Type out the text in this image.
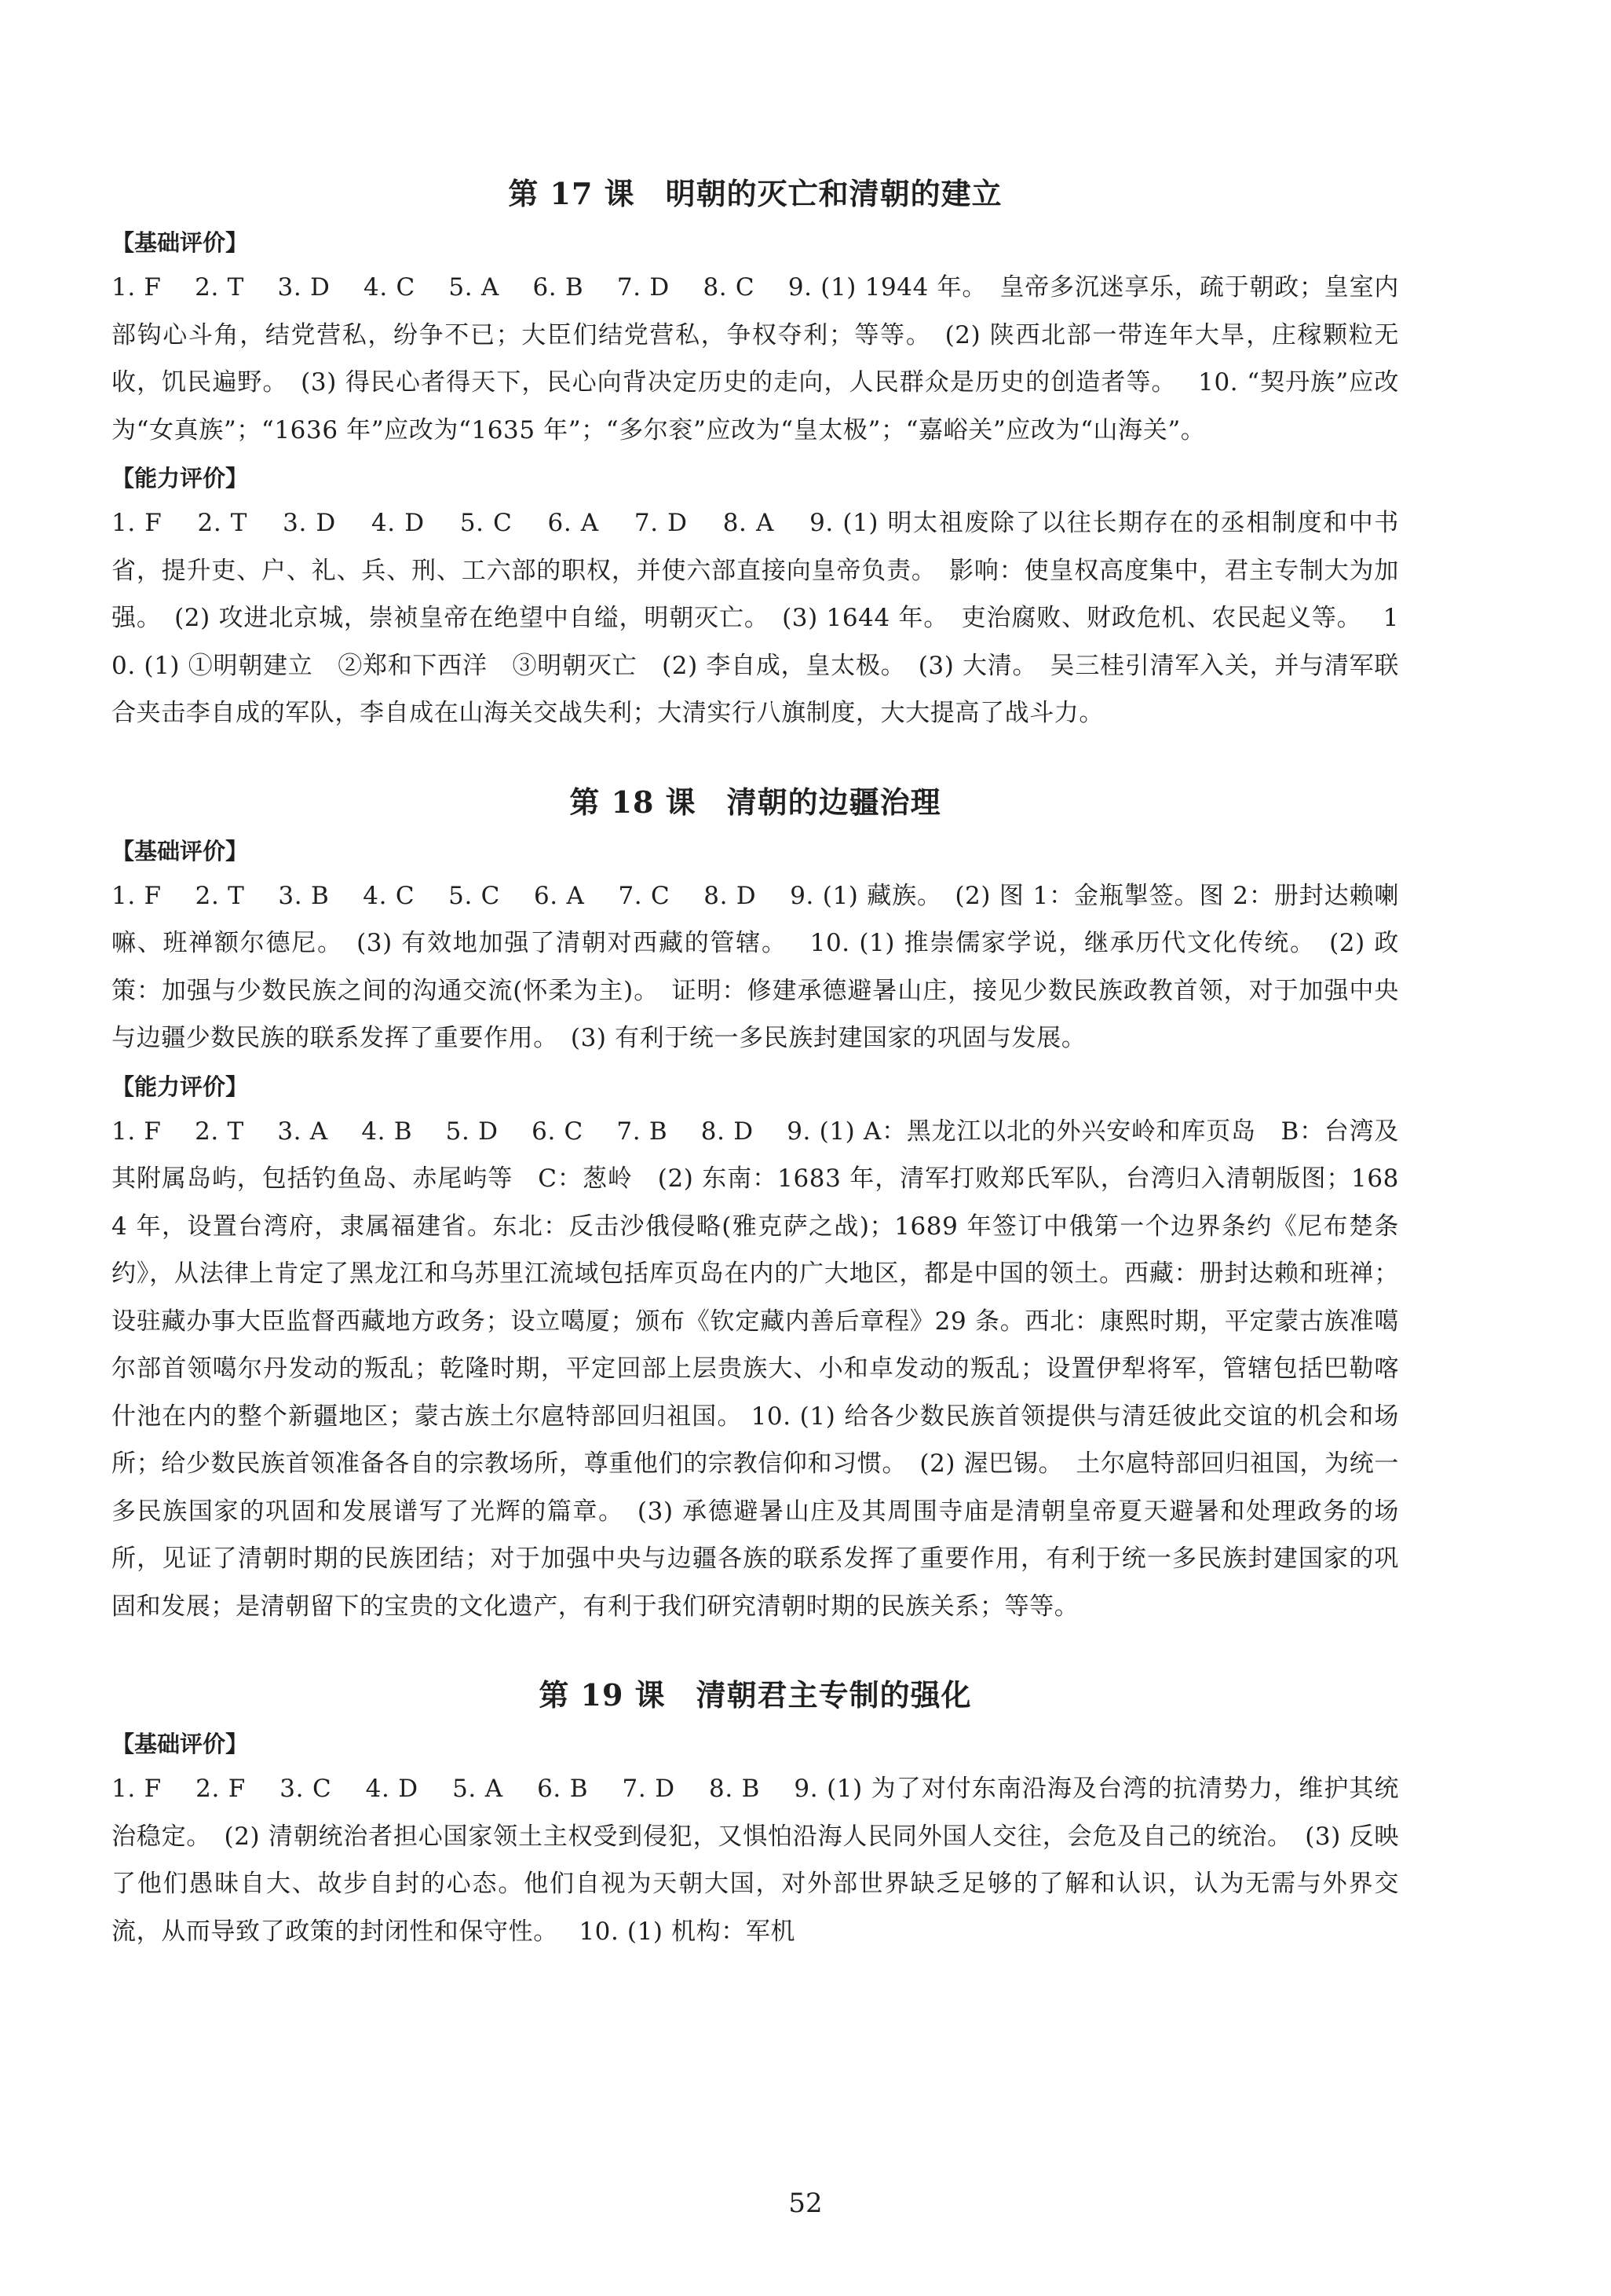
第 17 课　明朝的灭亡和清朝的建立
【基础评价】

1. F　 2. T　 3. D　 4. C　 5. A　 6. B　 7. D　 8. C　 9. (1) 1944 年。　皇帝多沉迷享乐，疏于朝政；皇室内部钩心斗角，结党营私，纷争不已；大臣们结党营私，争权夺利；等等。　(2) 陕西北部一带连年大旱，庄稼颗粒无收，饥民遍野。　(3) 得民心者得天下，民心向背决定历史的走向，人民群众是历史的创造者等。　 10. “契丹族”应改为“女真族”；“1636 年”应改为“1635 年”；“多尔衮”应改为“皇太极”；“嘉峪关”应改为“山海关”。

【能力评价】

1. F　 2. T　 3. D　 4. D　 5. C　 6. A　 7. D　 8. A　 9. (1) 明太祖废除了以往长期存在的丞相制度和中书省，提升吏、户、礼、兵、刑、工六部的职权，并使六部直接向皇帝负责。　影响：使皇权高度集中，君主专制大为加强。　(2) 攻进北京城，崇祯皇帝在绝望中自缢，明朝灭亡。　(3) 1644 年。　吏治腐败、财政危机、农民起义等。　 10. (1) ①明朝建立　②郑和下西洋　③明朝灭亡　(2) 李自成，皇太极。　(3) 大清。　吴三桂引清军入关，并与清军联合夹击李自成的军队，李自成在山海关交战失利；大清实行八旗制度，大大提高了战斗力。

第 18 课　清朝的边疆治理
【基础评价】

1. F　 2. T　 3. B　 4. C　 5. C　 6. A　 7. C　 8. D　 9. (1) 藏族。　(2) 图 1：金瓶掣签。图 2：册封达赖喇嘛、班禅额尔德尼。　(3) 有效地加强了清朝对西藏的管辖。　 10. (1) 推崇儒家学说，继承历代文化传统。　(2) 政策：加强与少数民族之间的沟通交流(怀柔为主)。　证明：修建承德避暑山庄，接见少数民族政教首领，对于加强中央与边疆少数民族的联系发挥了重要作用。　(3) 有利于统一多民族封建国家的巩固与发展。

【能力评价】

1. F　 2. T　 3. A　 4. B　 5. D　 6. C　 7. B　 8. D　 9. (1) A：黑龙江以北的外兴安岭和库页岛　B：台湾及其附属岛屿，包括钓鱼岛、赤尾屿等　C：葱岭　(2) 东南：1683 年，清军打败郑氏军队，台湾归入清朝版图；1684 年，设置台湾府，隶属福建省。东北：反击沙俄侵略(雅克萨之战)；1689 年签订中俄第一个边界条约《尼布楚条约》，从法律上肯定了黑龙江和乌苏里江流域包括库页岛在内的广大地区，都是中国的领土。西藏：册封达赖和班禅；设驻藏办事大臣监督西藏地方政务；设立噶厦；颁布《钦定藏内善后章程》29 条。西北：康熙时期，平定蒙古族准噶尔部首领噶尔丹发动的叛乱；乾隆时期，平定回部上层贵族大、小和卓发动的叛乱；设置伊犁将军，管辖包括巴勒喀什池在内的整个新疆地区；蒙古族土尔扈特部回归祖国。 10. (1) 给各少数民族首领提供与清廷彼此交谊的机会和场所；给少数民族首领准备各自的宗教场所，尊重他们的宗教信仰和习惯。　(2) 渥巴锡。　土尔扈特部回归祖国，为统一多民族国家的巩固和发展谱写了光辉的篇章。　(3) 承德避暑山庄及其周围寺庙是清朝皇帝夏天避暑和处理政务的场所，见证了清朝时期的民族团结；对于加强中央与边疆各族的联系发挥了重要作用，有利于统一多民族封建国家的巩固和发展；是清朝留下的宝贵的文化遗产，有利于我们研究清朝时期的民族关系；等等。

第 19 课　清朝君主专制的强化
【基础评价】

1. F　 2. F　 3. C　 4. D　 5. A　 6. B　 7. D　 8. B　 9. (1) 为了对付东南沿海及台湾的抗清势力，维护其统治稳定。　(2) 清朝统治者担心国家领土主权受到侵犯，又惧怕沿海人民同外国人交往，会危及自己的统治。　(3) 反映了他们愚昧自大、故步自封的心态。他们自视为天朝大国，对外部世界缺乏足够的了解和认识，认为无需与外界交流，从而导致了政策的封闭性和保守性。　 10. (1) 机构：军机

52
